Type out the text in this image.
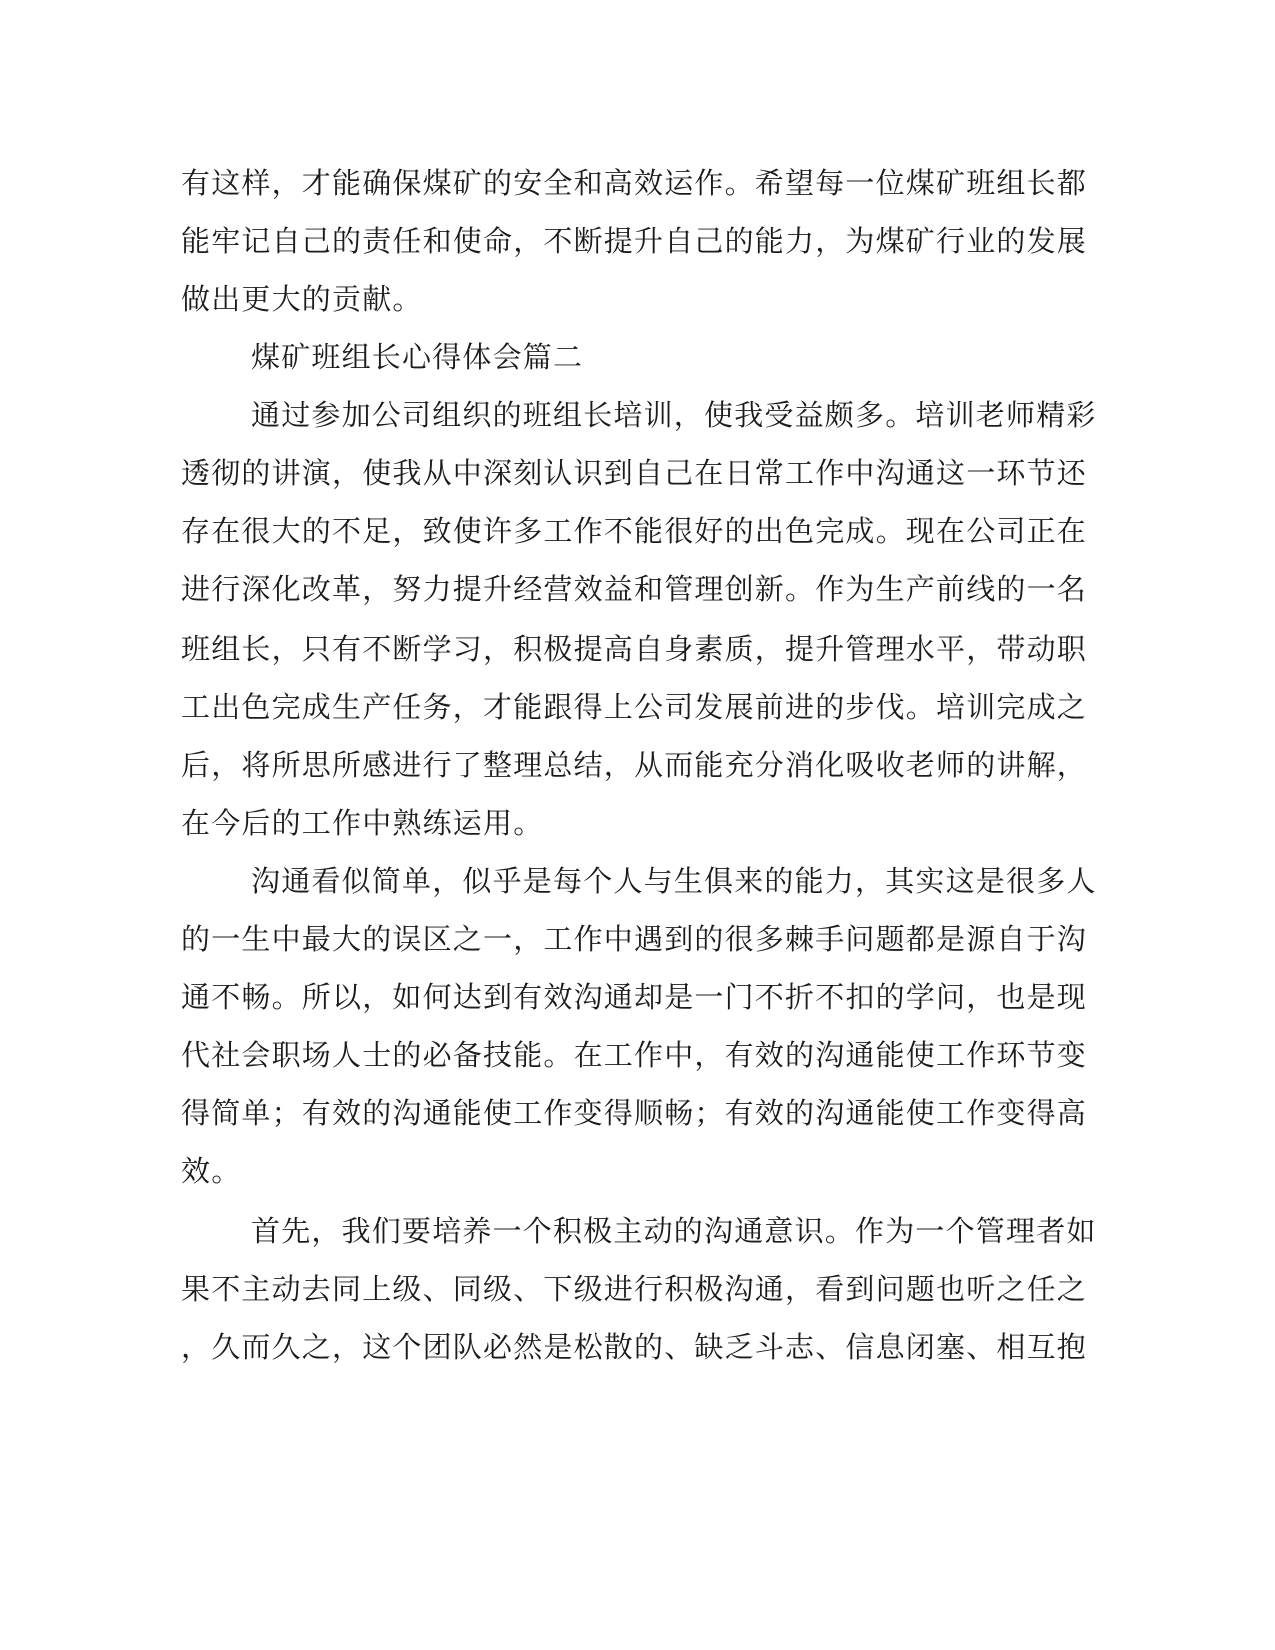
有这样，才能确保煤矿的安全和高效运作。希望每一位煤矿班组长都
能牢记自己的责任和使命，不断提升自己的能力，为煤矿行业的发展
做出更大的贡献。
煤矿班组长心得体会篇二
通过参加公司组织的班组长培训，使我受益颇多。培训老师精彩
透彻的讲演，使我从中深刻认识到自己在日常工作中沟通这一环节还
存在很大的不足，致使许多工作不能很好的出色完成。现在公司正在
进行深化改革，努力提升经营效益和管理创新。作为生产前线的一名
班组长，只有不断学习，积极提高自身素质，提升管理水平，带动职
工出色完成生产任务，才能跟得上公司发展前进的步伐。培训完成之
后，将所思所感进行了整理总结，从而能充分消化吸收老师的讲解，
在今后的工作中熟练运用。
沟通看似简单，似乎是每个人与生俱来的能力，其实这是很多人
的一生中最大的误区之一，工作中遇到的很多棘手问题都是源自于沟
通不畅。所以，如何达到有效沟通却是一门不折不扣的学问，也是现
代社会职场人士的必备技能。在工作中，有效的沟通能使工作环节变
得简单；有效的沟通能使工作变得顺畅；有效的沟通能使工作变得高
效。
首先，我们要培养一个积极主动的沟通意识。作为一个管理者如
果不主动去同上级、同级、下级进行积极沟通，看到问题也听之任之
，久而久之，这个团队必然是松散的、缺乏斗志、信息闭塞、相互抱
